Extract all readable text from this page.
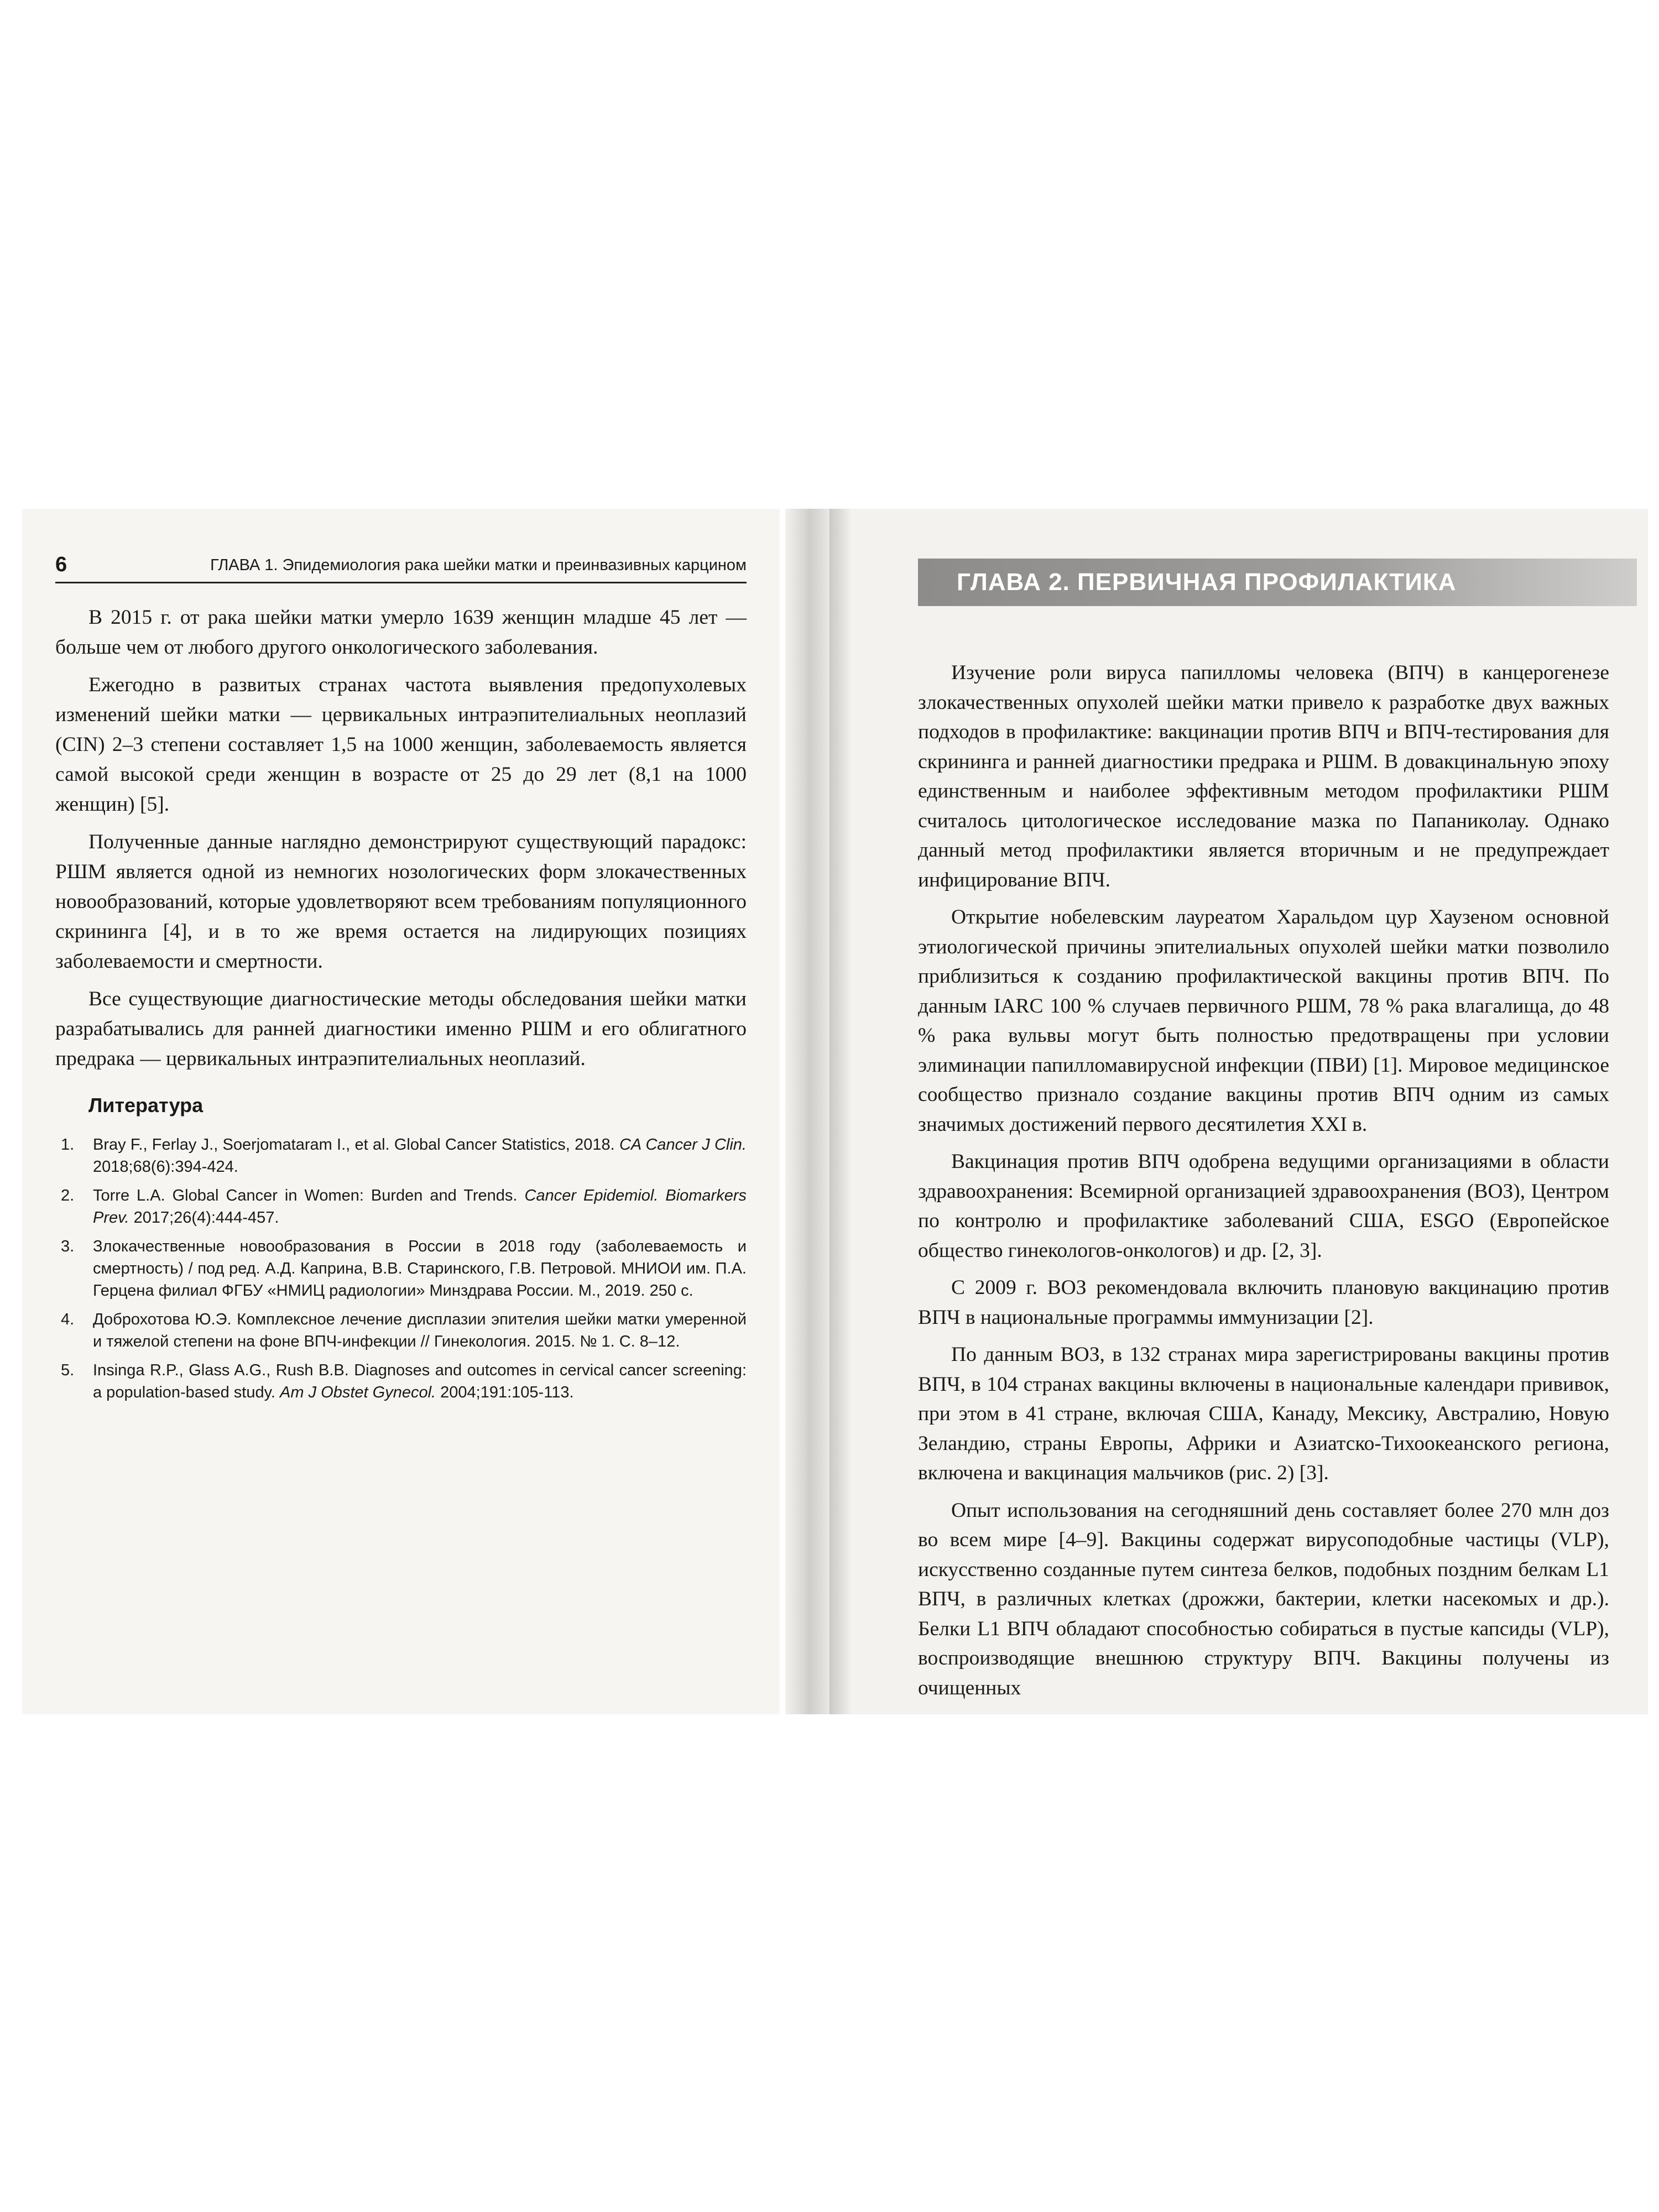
6	ГЛАВА 1. Эпидемиология рака шейки матки и преинвазивных карцином

В 2015 г. от рака шейки матки умерло 1639 женщин младше 45 лет — больше чем от любого другого онкологического заболевания.

Ежегодно в развитых странах частота выявления предопухолевых изменений шейки матки — цервикальных интраэпителиальных неоплазий (CIN) 2–3 степени составляет 1,5 на 1000 женщин, заболеваемость является самой высокой среди женщин в возрасте от 25 до 29 лет (8,1 на 1000 женщин) [5].

Полученные данные наглядно демонстрируют существующий парадокс: РШМ является одной из немногих нозологических форм злокачественных новообразований, которые удовлетворяют всем требованиям популяционного скрининга [4], и в то же время остается на лидирующих позициях заболеваемости и смертности.

Все существующие диагностические методы обследования шейки матки разрабатывались для ранней диагностики именно РШМ и его облигатного предрака — цервикальных интраэпителиальных неоплазий.

Литература
1. Bray F., Ferlay J., Soerjomataram I., et al. Global Cancer Statistics, 2018. CA Cancer J Clin. 2018;68(6):394-424.
2. Torre L.A. Global Cancer in Women: Burden and Trends. Cancer Epidemiol. Biomarkers Prev. 2017;26(4):444-457.
3. Злокачественные новообразования в России в 2018 году (заболеваемость и смертность) / под ред. А.Д. Каприна, В.В. Старинского, Г.В. Петровой. МНИОИ им. П.А. Герцена филиал ФГБУ «НМИЦ радиологии» Минздрава России. М., 2019. 250 с.
4. Доброхотова Ю.Э. Комплексное лечение дисплазии эпителия шейки матки умеренной и тяжелой степени на фоне ВПЧ-инфекции // Гинекология. 2015. № 1. С. 8–12.
5. Insinga R.P., Glass A.G., Rush B.B. Diagnoses and outcomes in cervical cancer screening: a population-based study. Am J Obstet Gynecol. 2004;191:105-113.
ГЛАВА 2. ПЕРВИЧНАЯ ПРОФИЛАКТИКА

Изучение роли вируса папилломы человека (ВПЧ) в канцерогенезе злокачественных опухолей шейки матки привело к разработке двух важных подходов в профилактике: вакцинации против ВПЧ и ВПЧ-тестирования для скрининга и ранней диагностики предрака и РШМ. В довакцинальную эпоху единственным и наиболее эффективным методом профилактики РШМ считалось цитологическое исследование мазка по Папаниколау. Однако данный метод профилактики является вторичным и не предупреждает инфицирование ВПЧ.

Открытие нобелевским лауреатом Харальдом цур Хаузеном основной этиологической причины эпителиальных опухолей шейки матки позволило приблизиться к созданию профилактической вакцины против ВПЧ. По данным IARC 100 % случаев первичного РШМ, 78 % рака влагалища, до 48 % рака вульвы могут быть полностью предотвращены при условии элиминации папилломавирусной инфекции (ПВИ) [1]. Мировое медицинское сообщество признало создание вакцины против ВПЧ одним из самых значимых достижений первого десятилетия XXI в.

Вакцинация против ВПЧ одобрена ведущими организациями в области здравоохранения: Всемирной организацией здравоохранения (ВОЗ), Центром по контролю и профилактике заболеваний США, ESGO (Европейское общество гинекологов-онкологов) и др. [2, 3].

С 2009 г. ВОЗ рекомендовала включить плановую вакцинацию против ВПЧ в национальные программы иммунизации [2].

По данным ВОЗ, в 132 странах мира зарегистрированы вакцины против ВПЧ, в 104 странах вакцины включены в национальные календари прививок, при этом в 41 стране, включая США, Канаду, Мексику, Австралию, Новую Зеландию, страны Европы, Африки и Азиатско-Тихоокеанского региона, включена и вакцинация мальчиков (рис. 2) [3].

Опыт использования на сегодняшний день составляет более 270 млн доз во всем мире [4–9]. Вакцины содержат вирусоподобные частицы (VLP), искусственно созданные путем синтеза белков, подобных поздним белкам L1 ВПЧ, в различных клетках (дрожжи, бактерии, клетки насекомых и др.). Белки L1 ВПЧ обладают способностью собираться в пустые капсиды (VLP), воспроизводящие внешнюю структуру ВПЧ. Вакцины получены из очищенных
